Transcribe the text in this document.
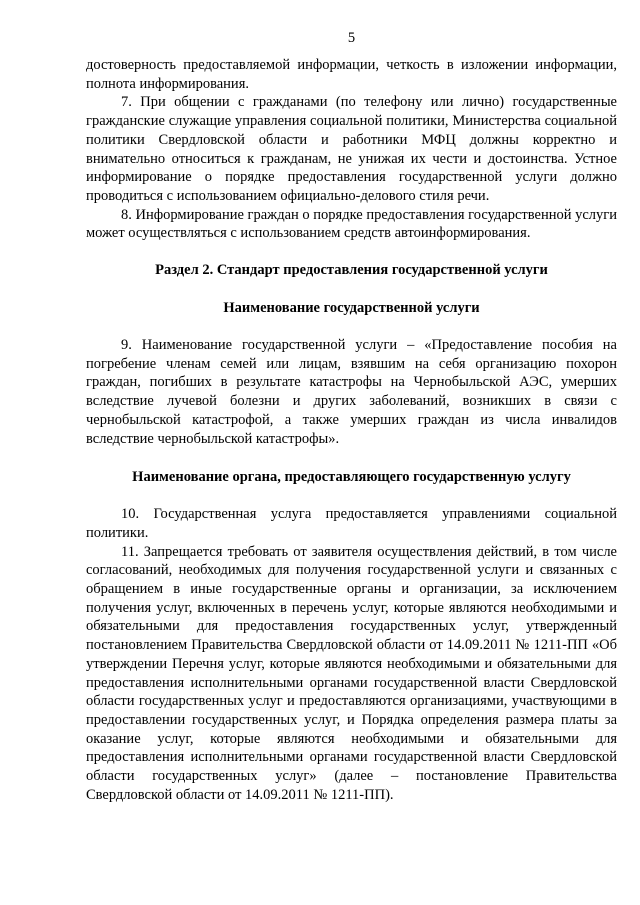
5

достоверность предоставляемой информации, четкость в изложении информации, полнота информирования.

7. При общении с гражданами (по телефону или лично) государственные гражданские служащие управления социальной политики, Министерства социальной политики Свердловской области и работники МФЦ должны корректно и внимательно относиться к гражданам, не унижая их чести и достоинства. Устное информирование о порядке предоставления государственной услуги должно проводиться с использованием официально-делового стиля речи.

8. Информирование граждан о порядке предоставления государственной услуги может осуществляться с использованием средств автоинформирования.

Раздел 2. Стандарт предоставления государственной услуги
Наименование государственной услуги

9. Наименование государственной услуги – «Предоставление пособия на погребение членам семей или лицам, взявшим на себя организацию похорон граждан, погибших в результате катастрофы на Чернобыльской АЭС, умерших вследствие лучевой болезни и других заболеваний, возникших в связи с чернобыльской катастрофой, а также умерших граждан из числа инвалидов вследствие чернобыльской катастрофы».

Наименование органа, предоставляющего государственную услугу

10. Государственная услуга предоставляется управлениями социальной политики.

11. Запрещается требовать от заявителя осуществления действий, в том числе согласований, необходимых для получения государственной услуги и связанных с обращением в иные государственные органы и организации, за исключением получения услуг, включенных в перечень услуг, которые являются необходимыми и обязательными для предоставления государственных услуг, утвержденный постановлением Правительства Свердловской области от 14.09.2011 № 1211-ПП «Об утверждении Перечня услуг, которые являются необходимыми и обязательными для предоставления исполнительными органами государственной власти Свердловской области государственных услуг и предоставляются организациями, участвующими в предоставлении государственных услуг, и Порядка определения размера платы за оказание услуг, которые являются необходимыми и обязательными для предоставления исполнительными органами государственной власти Свердловской области государственных услуг» (далее – постановление Правительства Свердловской области от 14.09.2011 № 1211-ПП).
